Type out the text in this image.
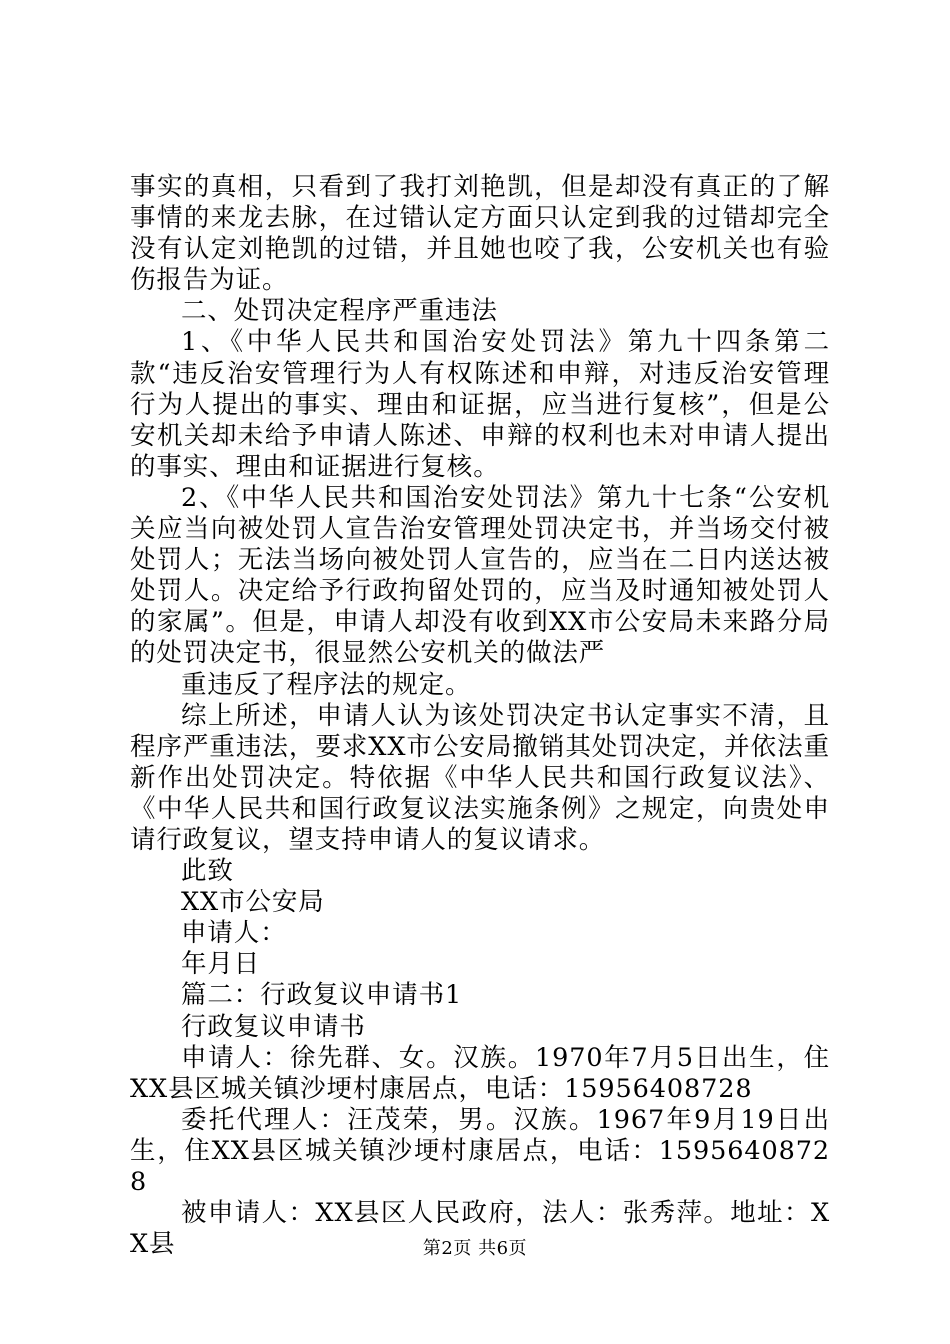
事实的真相，只看到了我打刘艳凯，但是却没有真正的了解事情的来龙去脉，在过错认定方面只认定到我的过错却完全没有认定刘艳凯的过错，并且她也咬了我，公安机关也有验伤报告为证。

二、处罚决定程序严重违法

1、《中华人民共和国治安处罚法》第九十四条第二款“违反治安管理行为人有权陈述和申辩，对违反治安管理行为人提出的事实、理由和证据，应当进行复核”，但是公安机关却未给予申请人陈述、申辩的权利也未对申请人提出的事实、理由和证据进行复核。

2、《中华人民共和国治安处罚法》第九十七条“公安机关应当向被处罚人宣告治安管理处罚决定书，并当场交付被处罚人；无法当场向被处罚人宣告的，应当在二日内送达被处罚人。决定给予行政拘留处罚的，应当及时通知被处罚人的家属”。但是，申请人却没有收到XX市公安局未来路分局的处罚决定书，很显然公安机关的做法严

重违反了程序法的规定。

综上所述，申请人认为该处罚决定书认定事实不清，且程序严重违法，要求XX市公安局撤销其处罚决定，并依法重新作出处罚决定。特依据《中华人民共和国行政复议法》、《中华人民共和国行政复议法实施条例》之规定，向贵处申请行政复议，望支持申请人的复议请求。

此致

XX市公安局

申请人：

年月日

篇二：行政复议申请书1

行政复议申请书

申请人：徐先群、女。汉族。1970年7月5日出生，住XX县区城关镇沙埂村康居点，电话：15956408728

委托代理人：汪茂荣，男。汉族。1967年9月19日出生，住XX县区城关镇沙埂村康居点，电话：15956408728

被申请人：XX县区人民政府，法人：张秀萍。地址：XX县	第2页 共6页
